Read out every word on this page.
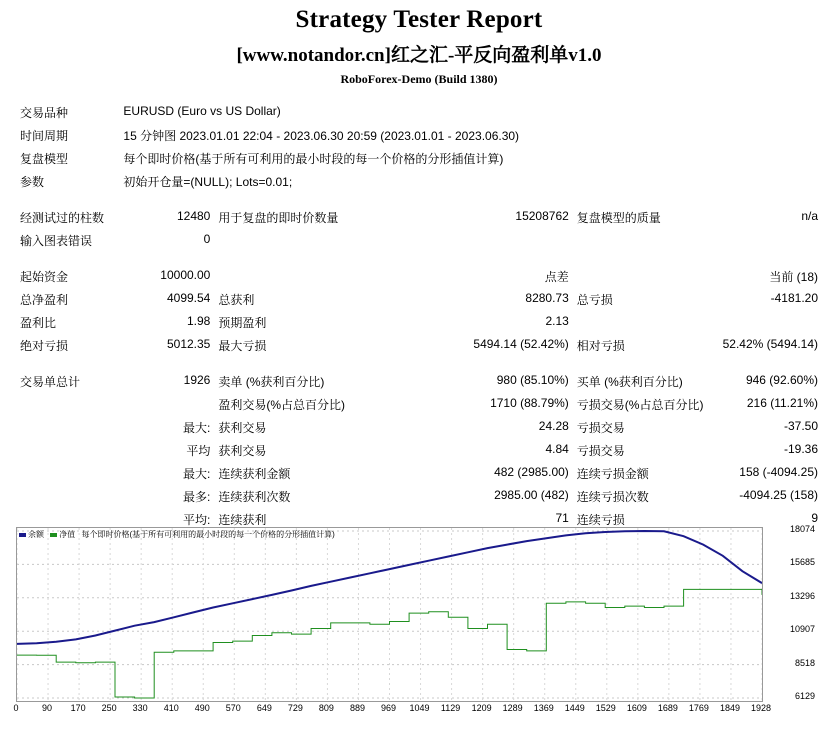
Strategy Tester Report
[www.notandor.cn]红之汇-平反向盈利单v1.0
RoboForex-Demo (Build 1380)
交易品种	EURUSD (Euro vs US Dollar)				
时间周期	15 分钟图 2023.01.01 22:04 - 2023.06.30 20:59 (2023.01.01 - 2023.06.30)				
复盘模型	每个即时价格(基于所有可利用的最小时段的每一个价格的分形插值计算)				
参数	初始开仓量=(NULL); Lots=0.01;				

经测试过的柱数	12480	用于复盘的即时价数量	15208762	复盘模型的质量	n/a
输入图表错误	0				

起始资金	10000.00		点差		当前 (18)
总净盈利	4099.54	总获利	8280.73	总亏损	-4181.20
盈利比	1.98	预期盈利	2.13		
绝对亏损	5012.35	最大亏损	5494.14 (52.42%)	相对亏损	52.42% (5494.14)

交易单总计	1926	卖单 (%获利百分比)	980 (85.10%)	买单 (%获利百分比)	946 (92.60%)
		盈利交易(%占总百分比)	1710 (88.79%)	亏损交易(%占总百分比)	216 (11.21%)
	最大:	获利交易	24.28	亏损交易	-37.50
	平均	获利交易	4.84	亏损交易	-19.36
	最大:	连续获利金额	482 (2985.00)	连续亏损金额	158 (-4094.25)
	最多:	连续获利次数	2985.00 (482)	连续亏损次数	-4094.25 (158)
	平均:	连续获利	71	连续亏损	9
余额 净值 每个即时价格(基于所有可利用的最小时段的每一个价格的分形插值计算)
18074
15685
13296
10907
8518
6129
0	90 170 250 330 410 490 570 649 729 809 889 969 1049 1129 1209 1289 1369 1449 1529 1609 1689 1769 1849 1928
